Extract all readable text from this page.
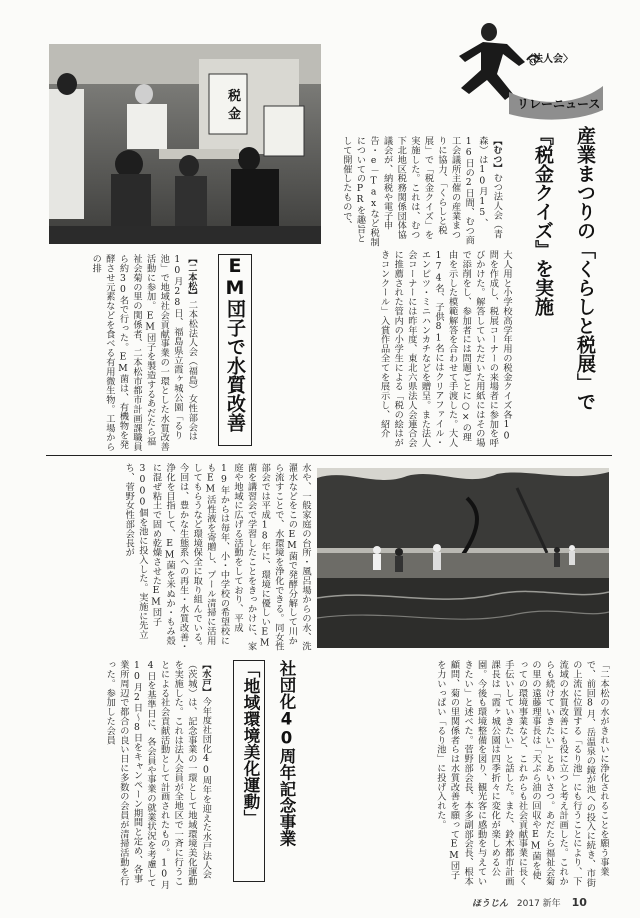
税
金
〈法人会〉
リレーニュース
産業まつりの「くらしと税展」で
『税金クイズ』を実施

【むつ】むつ法人会（青森）は10月15、16日の2日間、むつ商工会議所主催の産業まつりに協力、「くらしと税展」で「税金クイズ」を実施した。これは、むつ下北地区税務関係団体協議会が、納税や電子申告・e－Taxなど税制についてのPRを趣旨として開催したもので、

大人用と小学校高学年用の税金クイズ各10問を作成し、税展コーナーの来場者に参加を呼びかけた。解答していただいた用紙にはその場で添削をし、参加者には問題ごとに○×の理由を示した模範解答を合わせて手渡した。大人174名、子供81名にはクリアファイル・エンピツ・ミニハンカチなどを贈呈。また法人会コーナーには昨年度、東北六県法人会連合会に推薦された管内の小学生による「税の絵はがきコンクール」入賞作品全てを展示し、紹介
EM団子で水質改善

【二本松】二本松法人会（福島）女性部会は10月28日、福島県立霞ヶ城公園「るり池」で地域社会貢献事業の一環とした水質改善活動に参加。EM団子を製造するあだたら福祉会菊の里の関係者、二本松市都市計画課職員ら約30名で行った。EM菌は、有機物を発酵させ元素などを食べる有用微生物。工場からの排

水や、一般家庭の台所・風呂場からの水、洗濯水などをこのEM菌で発酵分解して川から流すことで、水環境を浄化できる。同女性部会では平成18年に、環境に優しいEM菌を講習会で学習したことをきっかけに、家庭や地域に広げる活動をしており、平成19年からは毎年、小・中学校の希望校にもEM活性液を寄贈し、プール清掃に活用してもらうなど環境保全に取り組んでいる。今回は、豊かな生態系への再生・水質改善・浄化を目指して、EM菌を米ぬか・もみ殻に混ぜ粘土で固め乾燥させたEM団子3000個を池に投入した。実施に先立ち、菅野女性部会長が
「二本松の水がきれいに浄化されることを願う事業で、前回8月、岳温泉の鏡が池への投入に続き、市街の上流に位置する「るり池」にも行うことにより、下流域の水質改善にも役に立つと考え計画した。これからも続けていきたい」とあいさつ。あだたら福祉会菊の里の遠藤理事長は「天ぷら油の回収やEM菌を使っての環境事業など、これからも社会貢献事業に長く手伝いしていきたい」と話した。また、鈴木都市計画課長は「霞ヶ城公園は四季折々に変化が楽しめる公園。今後も環境整備を図り、観光客に感動を与えていきたい」と述べた。菅野部会長、本多副部会長、根本顧問、菊の里関係者らは水質改善を願ってEM団子を力いっぱい「るり池」に投げ入れた。
社団化40周年記念事業
「地域環境美化運動」

【水戸】今年度社団化40周年を迎えた水戸法人会（茨城）は、記念事業の一環として地域環境美化運動を実施した。これは法人会員が全地区で一斉に行うことによる社会貢献活動として計画されたもの。10月4日を基準日に、各会員や事業の就業状況を考慮して10月2日～8日をキャンペーン期間と定め、各事業所周辺で都合の良い日に多数の会員が清掃活動を行った。参加した会員

ほうじん 2017 新年 10
